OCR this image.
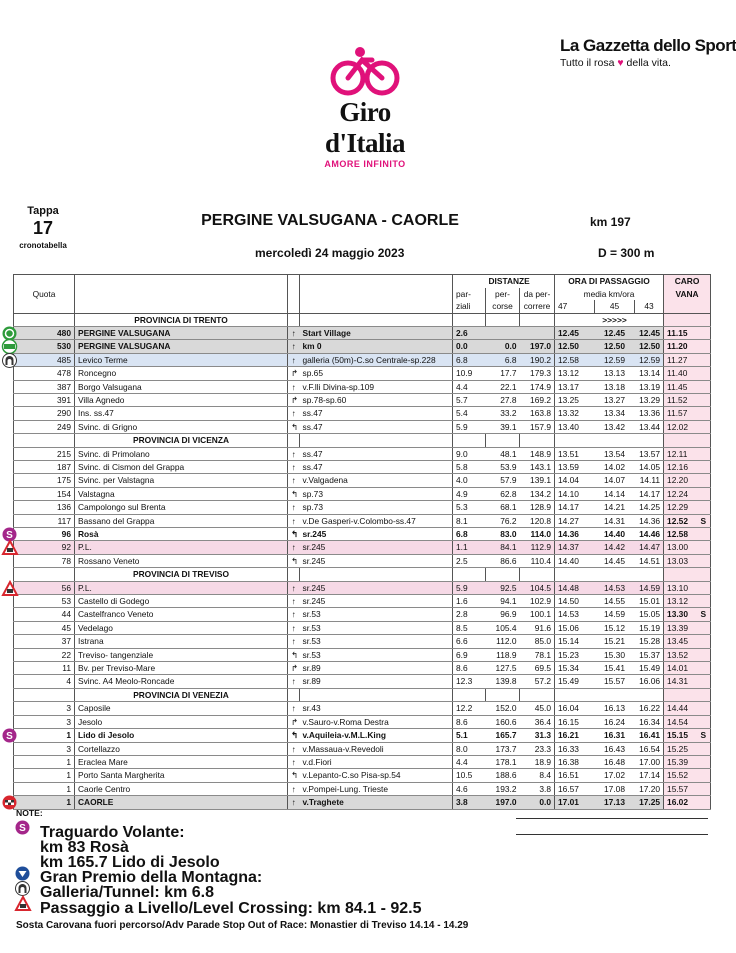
Giro d'Italia
AMORE INFINITO
La Gazzetta dello Sport
Tutto il rosa ♥ della vita.
Tappa
17
cronotabella
PERGINE VALSUGANA - CAORLE	km 197
mercoledì 24 maggio 2023	D = 300 m
					DISTANZE		ORA DI PASSAGGIO			CARO	
Quota				par-	per-	da per-	media km/ora			VANA	
				ziali	corse	correre	47	45	43		
	PROVINCIA DI TRENTO							>>>>>			

480	PERGINE VALSUGANA	↑	Start Village	2.6			12.45	12.45	12.45	11.15	

530	PERGINE VALSUGANA	↑	km 0	0.0	0.0	197.0	12.50	12.50	12.50	11.20	

485	Levico Terme	↑	galleria (50m)-C.so Centrale-sp.228	6.8	6.8	190.2	12.58	12.59	12.59	11.27	
478	Roncegno	↱	sp.65	10.9	17.7	179.3	13.12	13.13	13.14	11.40	
387	Borgo Valsugana	↑	v.F.lli Divina-sp.109	4.4	22.1	174.9	13.17	13.18	13.19	11.45	
391	Villa Agnedo	↱	sp.78-sp.60	5.7	27.8	169.2	13.25	13.27	13.29	11.52	
290	Ins. ss.47	↑	ss.47	5.4	33.2	163.8	13.32	13.34	13.36	11.57	
249	Svinc. di Grigno	↰	ss.47	5.9	39.1	157.9	13.40	13.42	13.44	12.02	
	PROVINCIA DI VICENZA										
215	Svinc. di Primolano	↑	ss.47	9.0	48.1	148.9	13.51	13.54	13.57	12.11	
187	Svinc. di Cismon del Grappa	↑	ss.47	5.8	53.9	143.1	13.59	14.02	14.05	12.16	
175	Svinc. per Valstagna	↑	v.Valgadena	4.0	57.9	139.1	14.04	14.07	14.11	12.20	
154	Valstagna	↰	sp.73	4.9	62.8	134.2	14.10	14.14	14.17	12.24	
136	Campolongo sul Brenta	↑	sp.73	5.3	68.1	128.9	14.17	14.21	14.25	12.29	
117	Bassano del Grappa	↑	v.De Gasperi-v.Colombo-ss.47	8.1	76.2	120.8	14.27	14.31	14.36	12.52	S

S 96	Rosà	↰	sr.245	6.8	83.0	114.0	14.36	14.40	14.46	12.58	

92	P.L.	↑	sr.245	1.1	84.1	112.9	14.37	14.42	14.47	13.00	
78	Rossano Veneto	↰	sr.245	2.5	86.6	110.4	14.40	14.45	14.51	13.03	
	PROVINCIA DI TREVISO										

56	P.L.	↑	sr.245	5.9	92.5	104.5	14.48	14.53	14.59	13.10	
53	Castello di Godego	↑	sr.245	1.6	94.1	102.9	14.50	14.55	15.01	13.12	
44	Castelfranco Veneto	↑	sr.53	2.8	96.9	100.1	14.53	14.59	15.05	13.30	S
45	Vedelago	↑	sr.53	8.5	105.4	91.6	15.06	15.12	15.19	13.39	
37	Istrana	↑	sr.53	6.6	112.0	85.0	15.14	15.21	15.28	13.45	
22	Treviso- tangenziale	↰	sr.53	6.9	118.9	78.1	15.23	15.30	15.37	13.52	
11	Bv. per Treviso-Mare	↱	sr.89	8.6	127.5	69.5	15.34	15.41	15.49	14.01	
4	Svinc. A4 Meolo-Roncade	↑	sr.89	12.3	139.8	57.2	15.49	15.57	16.06	14.31	
	PROVINCIA DI VENEZIA										
3	Caposile	↑	sr.43	12.2	152.0	45.0	16.04	16.13	16.22	14.44	
3	Jesolo	↱	v.Sauro-v.Roma Destra	8.6	160.6	36.4	16.15	16.24	16.34	14.54	

S 1	Lido di Jesolo	↰	v.Aquileia-v.M.L.King	5.1	165.7	31.3	16.21	16.31	16.41	15.15	S
3	Cortellazzo	↑	v.Massaua-v.Revedoli	8.0	173.7	23.3	16.33	16.43	16.54	15.25	
1	Eraclea Mare	↑	v.d.Fiori	4.4	178.1	18.9	16.38	16.48	17.00	15.39	
1	Porto Santa Margherita	↰	v.Lepanto-C.so Pisa-sp.54	10.5	188.6	8.4	16.51	17.02	17.14	15.52	
1	Caorle Centro	↑	v.Pompei-Lung. Trieste	4.6	193.2	3.8	16.57	17.08	17.20	15.57	

1	CAORLE	↑	v.Traghete	3.8	197.0	0.0	17.01	17.13	17.25	16.02	
NOTE:
S Traguardo Volante:
km 83 Rosà
km 165.7 Lido di Jesolo
Gran Premio della Montagna:
Galleria/Tunnel: km 6.8
Passaggio a Livello/Level Crossing: km 84.1 - 92.5
Sosta Carovana fuori percorso/Adv Parade Stop Out of Race: Monastier di Treviso 14.14 - 14.29
